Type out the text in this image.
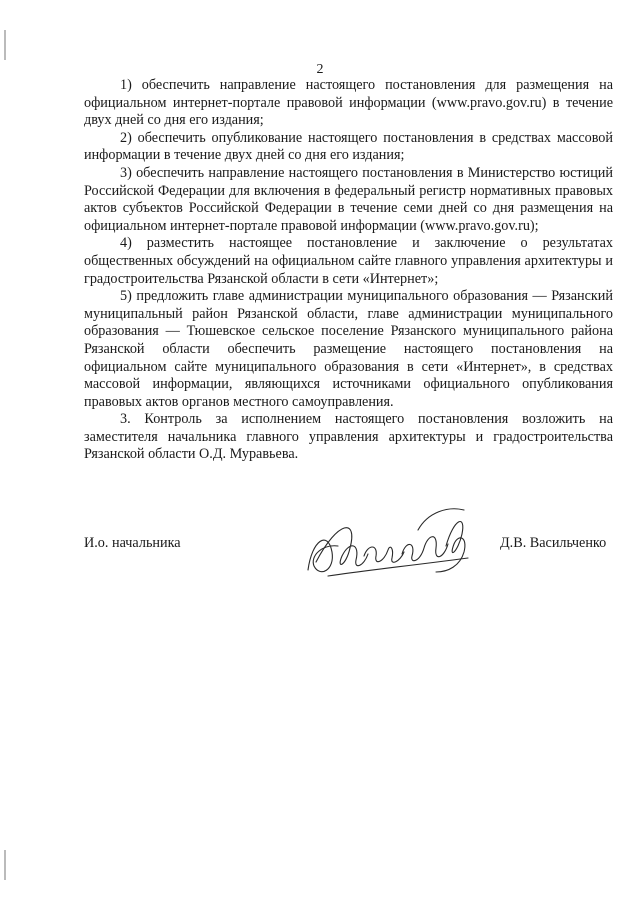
2

1) обеспечить направление настоящего постановления для размещения на официальном интернет-портале правовой информации (www.pravo.gov.ru) в течение двух дней со дня его издания;

2) обеспечить опубликование настоящего постановления в средствах массовой информации в течение двух дней со дня его издания;

3) обеспечить направление настоящего постановления в Министерство юстиций Российской Федерации для включения в федеральный регистр нормативных правовых актов субъектов Российской Федерации в течение семи дней со дня размещения на официальном интернет-портале правовой информации (www.pravo.gov.ru);

4) разместить настоящее постановление и заключение о результатах общественных обсуждений на официальном сайте главного управления архитектуры и градостроительства Рязанской области в сети «Интернет»;

5) предложить главе администрации муниципального образования — Рязанский муниципальный район Рязанской области, главе администрации муниципального образования — Тюшевское сельское поселение Рязанского муниципального района Рязанской области обеспечить размещение настоящего постановления на официальном сайте муниципального образования в сети «Интернет», в средствах массовой информации, являющихся источниками официального опубликования правовых актов органов местного самоуправления.

3. Контроль за исполнением настоящего постановления возложить на заместителя начальника главного управления архитектуры и градостроительства Рязанской области О.Д. Муравьева.

И.о. начальника	Д.В. Васильченко
